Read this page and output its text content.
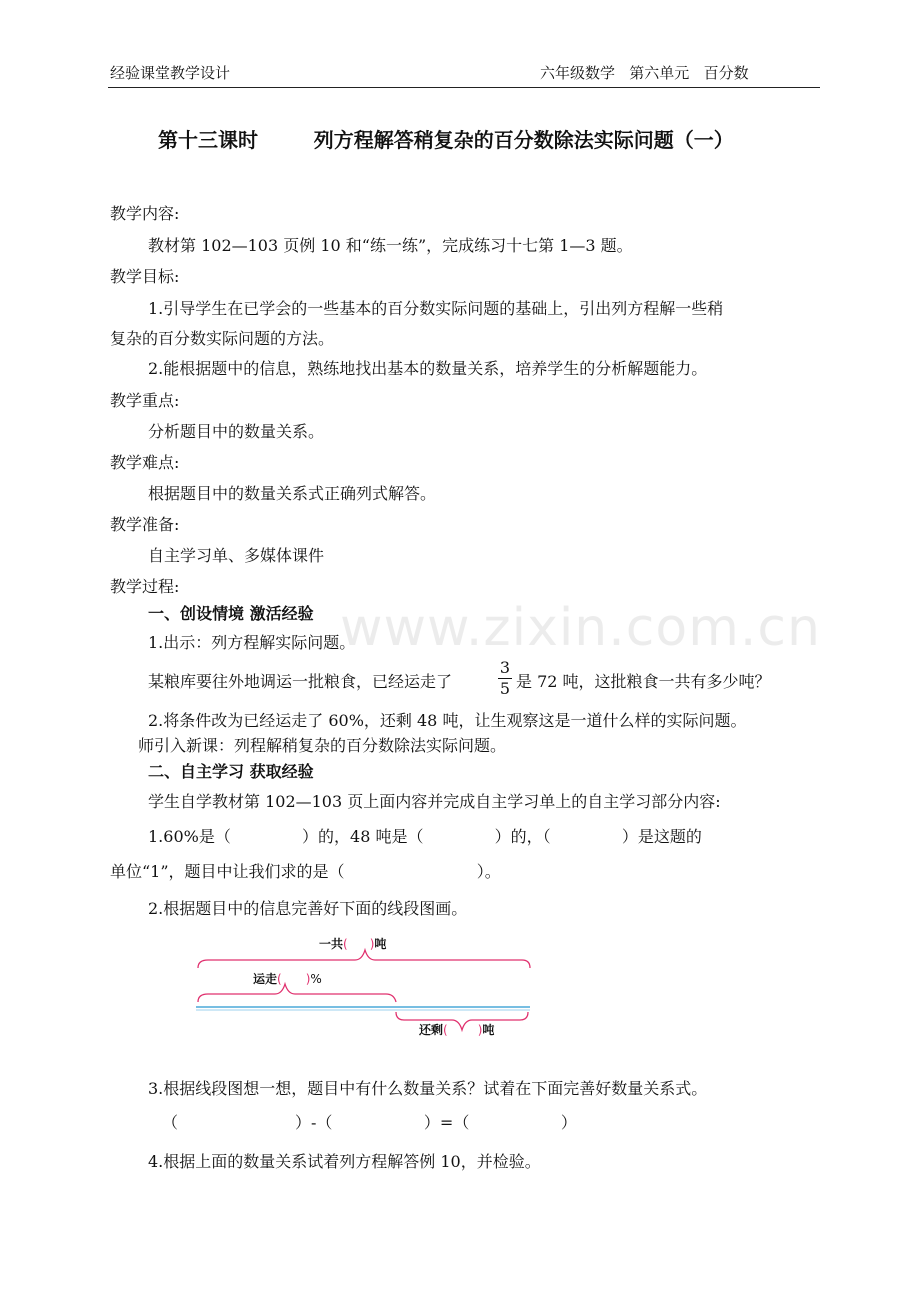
经验课堂教学设计	六年级数学   第六单元   百分数
第十三课时        列方程解答稍复杂的百分数除法实际问题（一）
教学内容:
教材第 102—103 页例 10 和“练一练”，完成练习十七第 1—3 题。
教学目标:
1.引导学生在已学会的一些基本的百分数实际问题的基础上，引出列方程解一些稍
复杂的百分数实际问题的方法。
2.能根据题中的信息，熟练地找出基本的数量关系，培养学生的分析解题能力。
教学重点:
分析题目中的数量关系。
教学难点:
根据题目中的数量关系式正确列式解答。
教学准备:
自主学习单、多媒体课件
教学过程:
www.zixin.com.cn
一、创设情境 激活经验
1.出示：列方程解实际问题。
某粮库要往外地调运一批粮食，已经运走了
3
5 是 72 吨，这批粮食一共有多少吨？
2.将条件改为已经运走了 60%，还剩 48 吨，让生观察这是一道什么样的实际问题。
师引入新课：列程解稍复杂的百分数除法实际问题。
二、自主学习 获取经验
学生自学教材第 102—103 页上面内容并完成自主学习单上的自主学习部分内容:
1.60%是（              ）的，48 吨是（              ）的，（              ）是这题的
单位“1”，题目中让我们求的是（                          ）。
2.根据题目中的信息完善好下面的线段图画。
一共( )吨
运走( )%
还剩(	)吨
3.根据线段图想一想，题目中有什么数量关系？试着在下面完善好数量关系式。
（                       ）-（                  ）=（                  ）
4.根据上面的数量关系试着列方程解答例 10，并检验。
